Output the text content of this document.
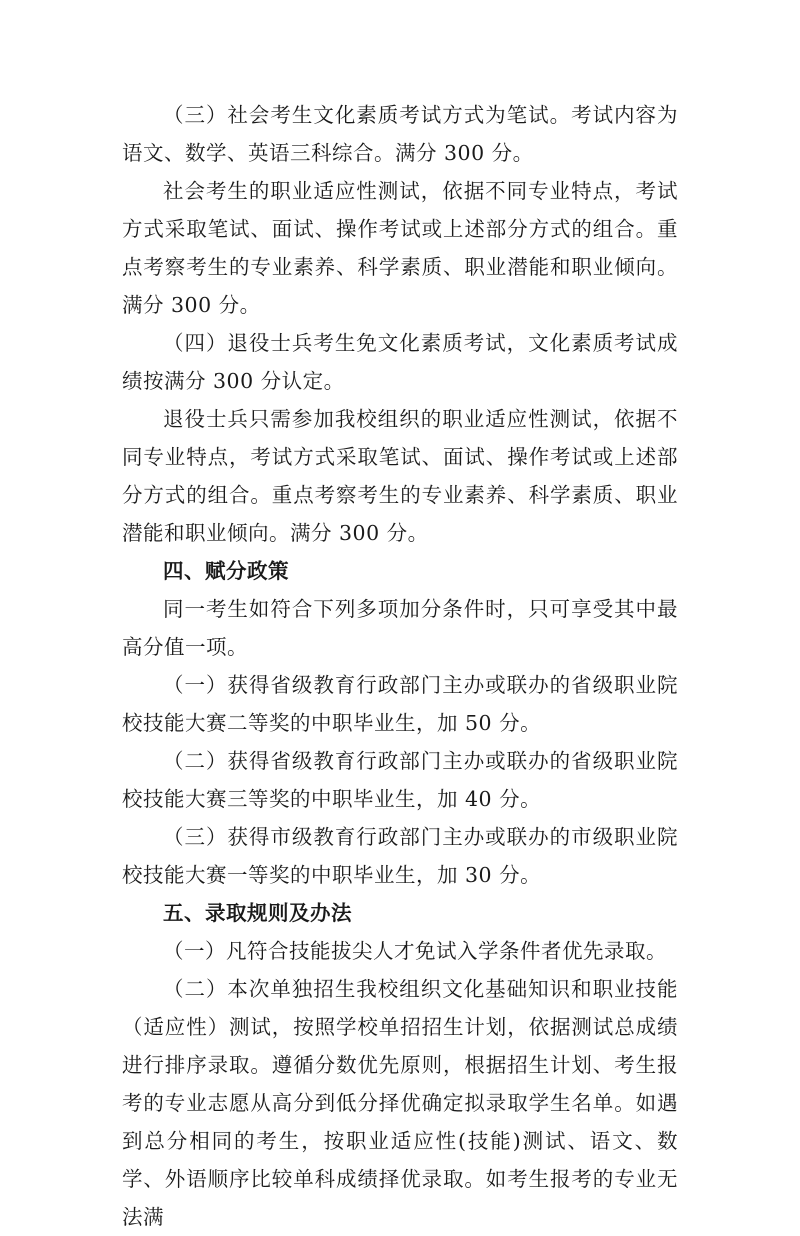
（三）社会考生文化素质考试方式为笔试。考试内容为语文、数学、英语三科综合。满分 300 分。

社会考生的职业适应性测试，依据不同专业特点，考试方式采取笔试、面试、操作考试或上述部分方式的组合。重点考察考生的专业素养、科学素质、职业潜能和职业倾向。满分 300 分。

（四）退役士兵考生免文化素质考试，文化素质考试成绩按满分 300 分认定。

退役士兵只需参加我校组织的职业适应性测试，依据不同专业特点，考试方式采取笔试、面试、操作考试或上述部分方式的组合。重点考察考生的专业素养、科学素质、职业潜能和职业倾向。满分 300 分。

四、赋分政策

同一考生如符合下列多项加分条件时，只可享受其中最高分值一项。

（一）获得省级教育行政部门主办或联办的省级职业院校技能大赛二等奖的中职毕业生，加 50 分。

（二）获得省级教育行政部门主办或联办的省级职业院校技能大赛三等奖的中职毕业生，加 40 分。

（三）获得市级教育行政部门主办或联办的市级职业院校技能大赛一等奖的中职毕业生，加 30 分。

五、录取规则及办法

（一）凡符合技能拔尖人才免试入学条件者优先录取。

（二）本次单独招生我校组织文化基础知识和职业技能（适应性）测试，按照学校单招招生计划，依据测试总成绩进行排序录取。遵循分数优先原则，根据招生计划、考生报考的专业志愿从高分到低分择优确定拟录取学生名单。如遇到总分相同的考生，按职业适应性(技能)测试、语文、数学、外语顺序比较单科成绩择优录取。如考生报考的专业无法满
